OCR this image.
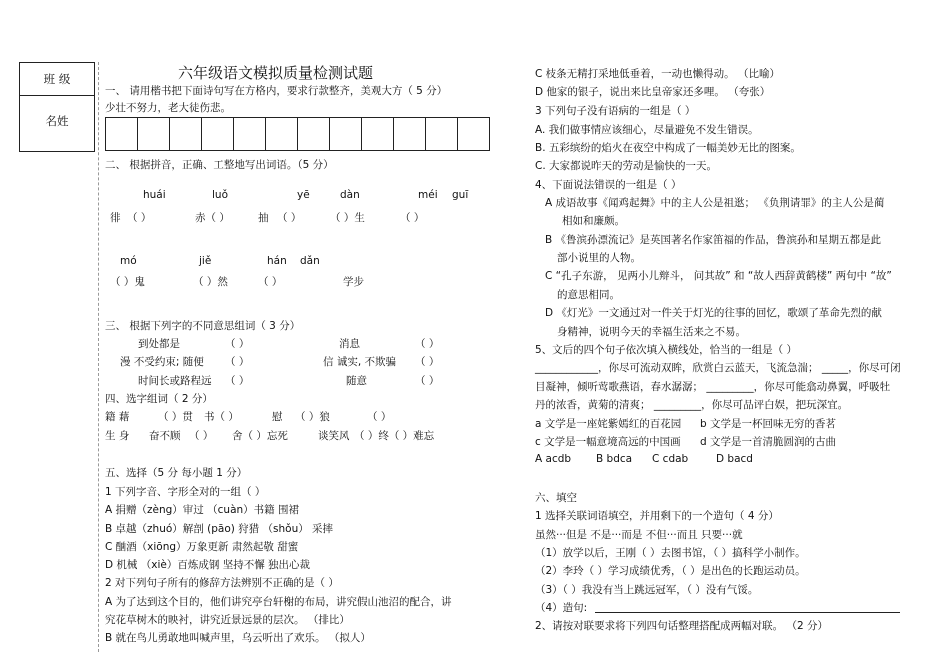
班 级
名姓
六年级语文模拟质量检测试题
一、 请用楷书把下面诗句写在方格内，要求行款整齐，美观大方（ 5 分）
少壮不努力，老大徒伤悲。
二、 根据拼音，正确、工整地写出词语。（5 分）
huái	luǒ	yē	dàn	méi guī
徘 （ ）	赤（ ）	抽 （ ）	（ ）生	（ ）
mó	jiě	hán dǎn
（ ）鬼	（ ）然	（ ）	学步
三、 根据下列字的不同意思组词（ 3 分）
到处都是	（ ）	消息	（ ）
漫 不受约束; 随便 （ ）	信 诚实, 不欺骗 （ ）
时间长或路程远 （ ）	随意	（ ）
四、选字组词（ 2 分）
籍 藉	（ ）贯 书（ ）	慰 （ ）狼	（ ）
生 身 奋不顾 （ ） 舍（ ）忘死	谈笑风 （ ）终（ ）难忘
五、选择（5 分 每小题 1 分）
1 下列字音、字形全对的一组（ ）
A 捐赠（zèng）审过 （cuàn）书籍 围裙
B 卓越（zhuó）解剖 (pāo) 狩猎 （shǒu） 采摔
C 酗酒（xiōng）万象更新 肃然起敬 甜蜜
D 机械 （xiè）百炼成钢 坚持不懈 独出心裁
2 对下列句子所有的修辞方法辨别不正确的是（ ）
A 为了达到这个目的，他们讲究亭台轩榭的布局，讲究假山池沼的配合，讲
究花草树木的映衬，讲究近景远景的层次。 （排比）
B 就在鸟儿勇敢地叫喊声里，乌云听出了欢乐。 （拟人）
C 枝条无精打采地低垂着，一动也懒得动。 （比喻）
D 他家的银子，说出来比皇帝家还多哩。 （夸张）
3 下列句子没有语病的一组是（ ）
A. 我们做事情应该细心，尽量避免不发生错误。
B. 五彩缤纷的焰火在夜空中构成了一幅美妙无比的图案。
C. 大家都说昨天的劳动是愉快的一天。
4、下面说法错误的一组是（ ）
A 成语故事《闻鸡起舞》中的主人公是祖逖； 《负荆请罪》的主人公是蔺
相如和廉颇。
B 《鲁滨孙漂流记》是英国著名作家笛福的作品，鲁滨孙和星期五都是此
部小说里的人物。
C “孔子东游， 见两小儿辩斗， 问其故” 和 “故人西辞黄鹤楼” 两句中 “故”
的意思相同。
D 《灯光》一文通过对一件关于灯光的往事的回忆，歌颂了革命先烈的献
身精神，说明今天的幸福生活来之不易。
5、文后的四个句子依次填入横线处，恰当的一组是（ ）
____________，你尽可流动双眸，欣赏白云蓝天，飞流急湍； _____，你尽可闭
目凝神，倾听莺歌燕语，春水潺潺； _________，你尽可能翕动鼻翼，呼吸牡
丹的浓香，黄菊的清爽； _________，你尽可品评白娱，把玩深宜。
a 文学是一座姹紫嫣红的百花园 b 文学是一杯回味无穷的香茗
c 文学是一幅意境高远的中国画 d 文学是一首清脆圆润的古曲
A acdb B bdca C cdab	D bacd
六、填空
1 选择关联词语填空，并用剩下的一个造句（ 4 分）
虽然···但是 不是···而是 不但···而且 只要···就
（1）放学以后，王刚（ ）去图书馆，（ ）搞科学小制作。
（2）李玲（ ）学习成绩优秀，（ ）是出色的长跑运动员。
（3）（ ）我没有当上跳远冠军，（ ）没有气馁。
（4）造句:
2、请按对联要求将下列四句话整理搭配成两幅对联。 （2 分）
